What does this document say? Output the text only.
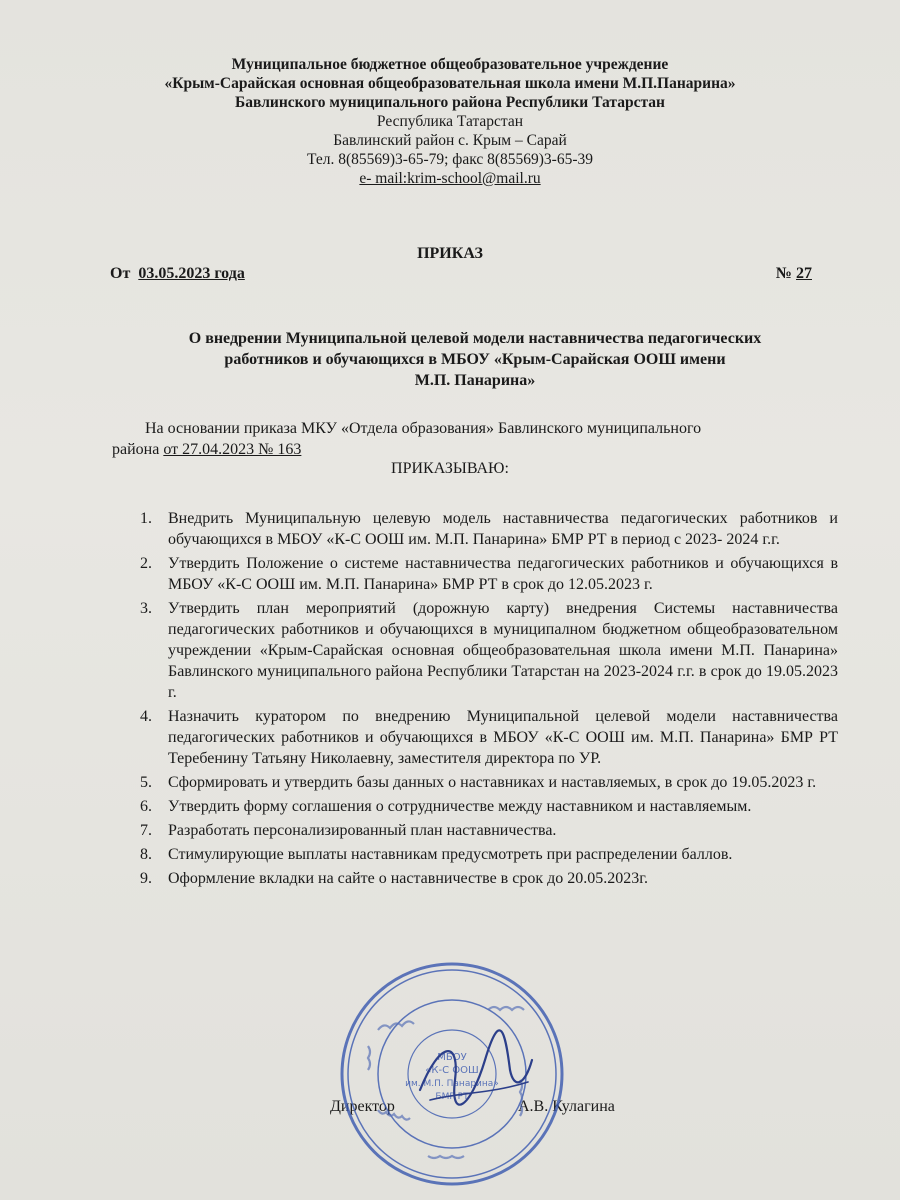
Муниципальное бюджетное общеобразовательное учреждение
«Крым-Сарайская основная общеобразовательная школа имени М.П.Панарина»
Бавлинского муниципального района Республики Татарстан
Республика Татарстан
Бавлинский район с. Крым – Сарай
Тел. 8(85569)3-65-79; факс 8(85569)3-65-39
е- mail:krim-school@mail.ru
ПРИКАЗ
От 03.05.2023 года	№ 27
О внедрении Муниципальной целевой модели наставничества педагогических
работников и обучающихся в МБОУ «Крым-Сарайская ООШ имени
М.П. Панарина»
На основании приказа МКУ «Отдела образования» Бавлинского муниципального
района от 27.04.2023 № 163
ПРИКАЗЫВАЮ:
1. Внедрить Муниципальную целевую модель наставничества педагогических работников и обучающихся в МБОУ «К-С ООШ им. М.П. Панарина» БМР РТ в период с 2023- 2024 г.г.
2. Утвердить Положение о системе наставничества педагогических работников и обучающихся в МБОУ «К-С ООШ им. М.П. Панарина» БМР РТ в срок до 12.05.2023 г.
3. Утвердить план мероприятий (дорожную карту) внедрения Системы наставничества педагогических работников и обучающихся в муниципалном бюджетном общеобразовательном учреждении «Крым-Сарайская основная общеобразовательная школа имени М.П. Панарина» Бавлинского муниципального района Республики Татарстан на 2023-2024 г.г. в срок до 19.05.2023 г.
4. Назначить куратором по внедрению Муниципальной целевой модели наставничества педагогических работников и обучающихся в МБОУ «К-С ООШ им. М.П. Панарина» БМР РТ Теребенину Татьяну Николаевну, заместителя директора по УР.
5. Сформировать и утвердить базы данных о наставниках и наставляемых, в срок до 19.05.2023 г.
6. Утвердить форму соглашения о сотрудничестве между наставником и наставляемым.
7. Разработать персонализированный план наставничества.
8. Стимулирующие выплаты наставникам предусмотреть при распределении баллов.
9. Оформление вкладки на сайте о наставничестве в срок до 20.05.2023г.
Директор	А.В. Кулагина
МБОУ
«К-С ООШ
им. М.П. Панарина»
БМР РТ
